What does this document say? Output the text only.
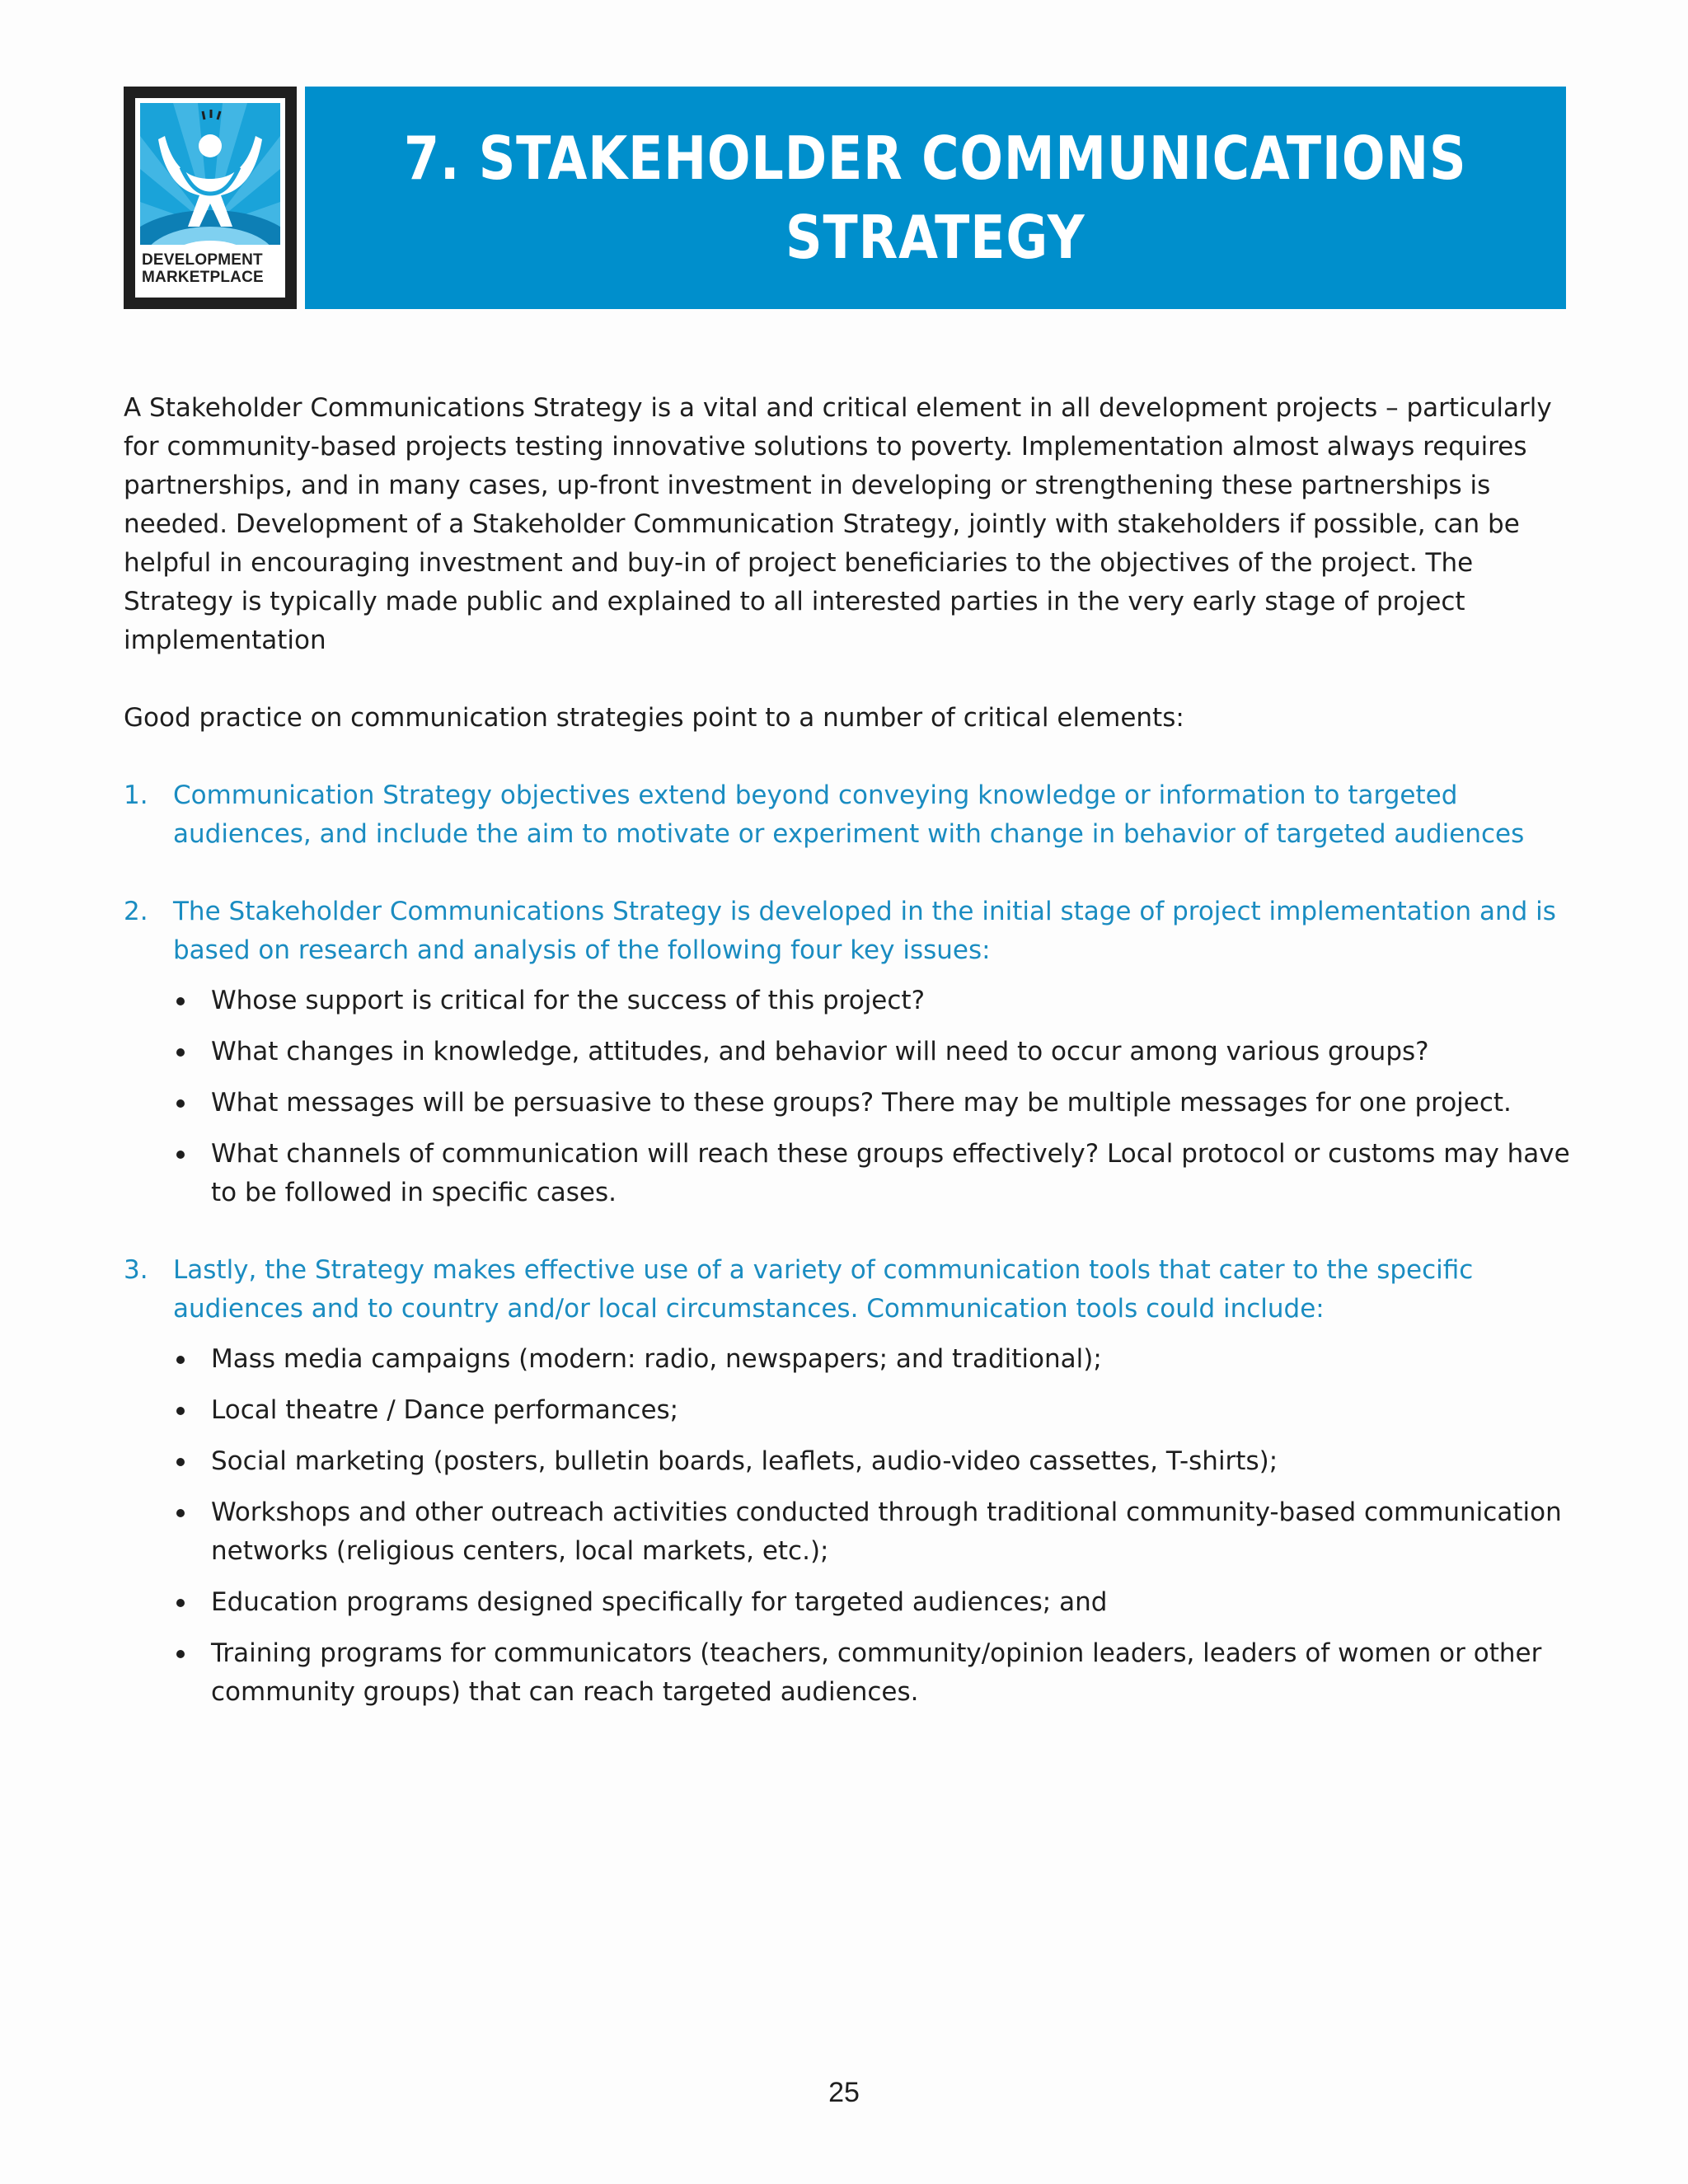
DEVELOPMENT
MARKETPLACE
7. STAKEHOLDER COMMUNICATIONS
STRATEGY

A Stakeholder Communications Strategy is a vital and critical element in all development projects – particularly for community-based projects testing innovative solutions to poverty. Implementation almost always requires partnerships, and in many cases, up-front investment in developing or strengthening these partnerships is needed. Development of a Stakeholder Communication Strategy, jointly with stakeholders if possible, can be helpful in encouraging investment and buy-in of project beneficiaries to the objectives of the project. The Strategy is typically made public and explained to all interested parties in the very early stage of project implementation

Good practice on communication strategies point to a number of critical elements:

1. Communication Strategy objectives extend beyond conveying knowledge or information to targeted audiences, and include the aim to motivate or experiment with change in behavior of targeted audiences
2. The Stakeholder Communications Strategy is developed in the initial stage of project implementation and is based on research and analysis of the following four key issues:
Whose support is critical for the success of this project?
What changes in knowledge, attitudes, and behavior will need to occur among various groups?
What messages will be persuasive to these groups? There may be multiple messages for one project.
What channels of communication will reach these groups effectively? Local protocol or customs may have to be followed in specific cases.
3. Lastly, the Strategy makes effective use of a variety of communication tools that cater to the specific audiences and to country and/or local circumstances. Communication tools could include:
Mass media campaigns (modern: radio, newspapers; and traditional);
Local theatre / Dance performances;
Social marketing (posters, bulletin boards, leaflets, audio-video cassettes, T-shirts);
Workshops and other outreach activities conducted through traditional community-based communication networks (religious centers, local markets, etc.);
Education programs designed specifically for targeted audiences; and
Training programs for communicators (teachers, community/opinion leaders, leaders of women or other community groups) that can reach targeted audiences.
25
